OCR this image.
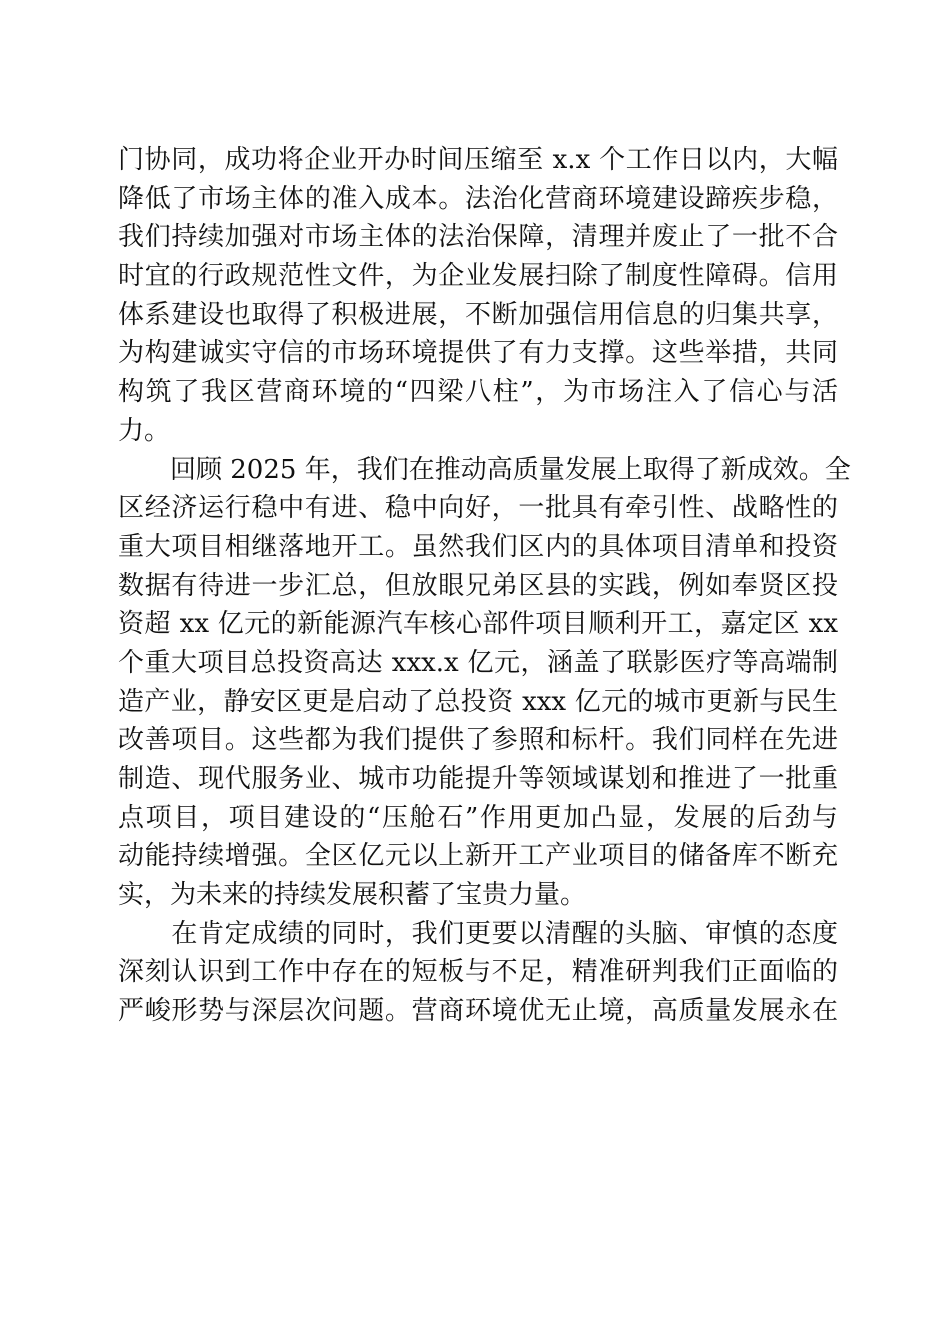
门协同，成功将企业开办时间压缩至 x.x 个工作日以内，大幅
降低了市场主体的准入成本。法治化营商环境建设蹄疾步稳，
我们持续加强对市场主体的法治保障，清理并废止了一批不合
时宜的行政规范性文件，为企业发展扫除了制度性障碍。信用
体系建设也取得了积极进展，不断加强信用信息的归集共享，
为构建诚实守信的市场环境提供了有力支撑。这些举措，共同
构筑了我区营商环境的“四梁八柱”，为市场注入了信心与活
力。
　　回顾 2025 年，我们在推动高质量发展上取得了新成效。全
区经济运行稳中有进、稳中向好，一批具有牵引性、战略性的
重大项目相继落地开工。虽然我们区内的具体项目清单和投资
数据有待进一步汇总，但放眼兄弟区县的实践，例如奉贤区投
资超 xx 亿元的新能源汽车核心部件项目顺利开工，嘉定区 xx
个重大项目总投资高达 xxx.x 亿元，涵盖了联影医疗等高端制
造产业，静安区更是启动了总投资 xxx 亿元的城市更新与民生
改善项目。这些都为我们提供了参照和标杆。我们同样在先进
制造、现代服务业、城市功能提升等领域谋划和推进了一批重
点项目，项目建设的“压舱石”作用更加凸显，发展的后劲与
动能持续增强。全区亿元以上新开工产业项目的储备库不断充
实，为未来的持续发展积蓄了宝贵力量。
　　在肯定成绩的同时，我们更要以清醒的头脑、审慎的态度
深刻认识到工作中存在的短板与不足，精准研判我们正面临的
严峻形势与深层次问题。营商环境优无止境，高质量发展永在
